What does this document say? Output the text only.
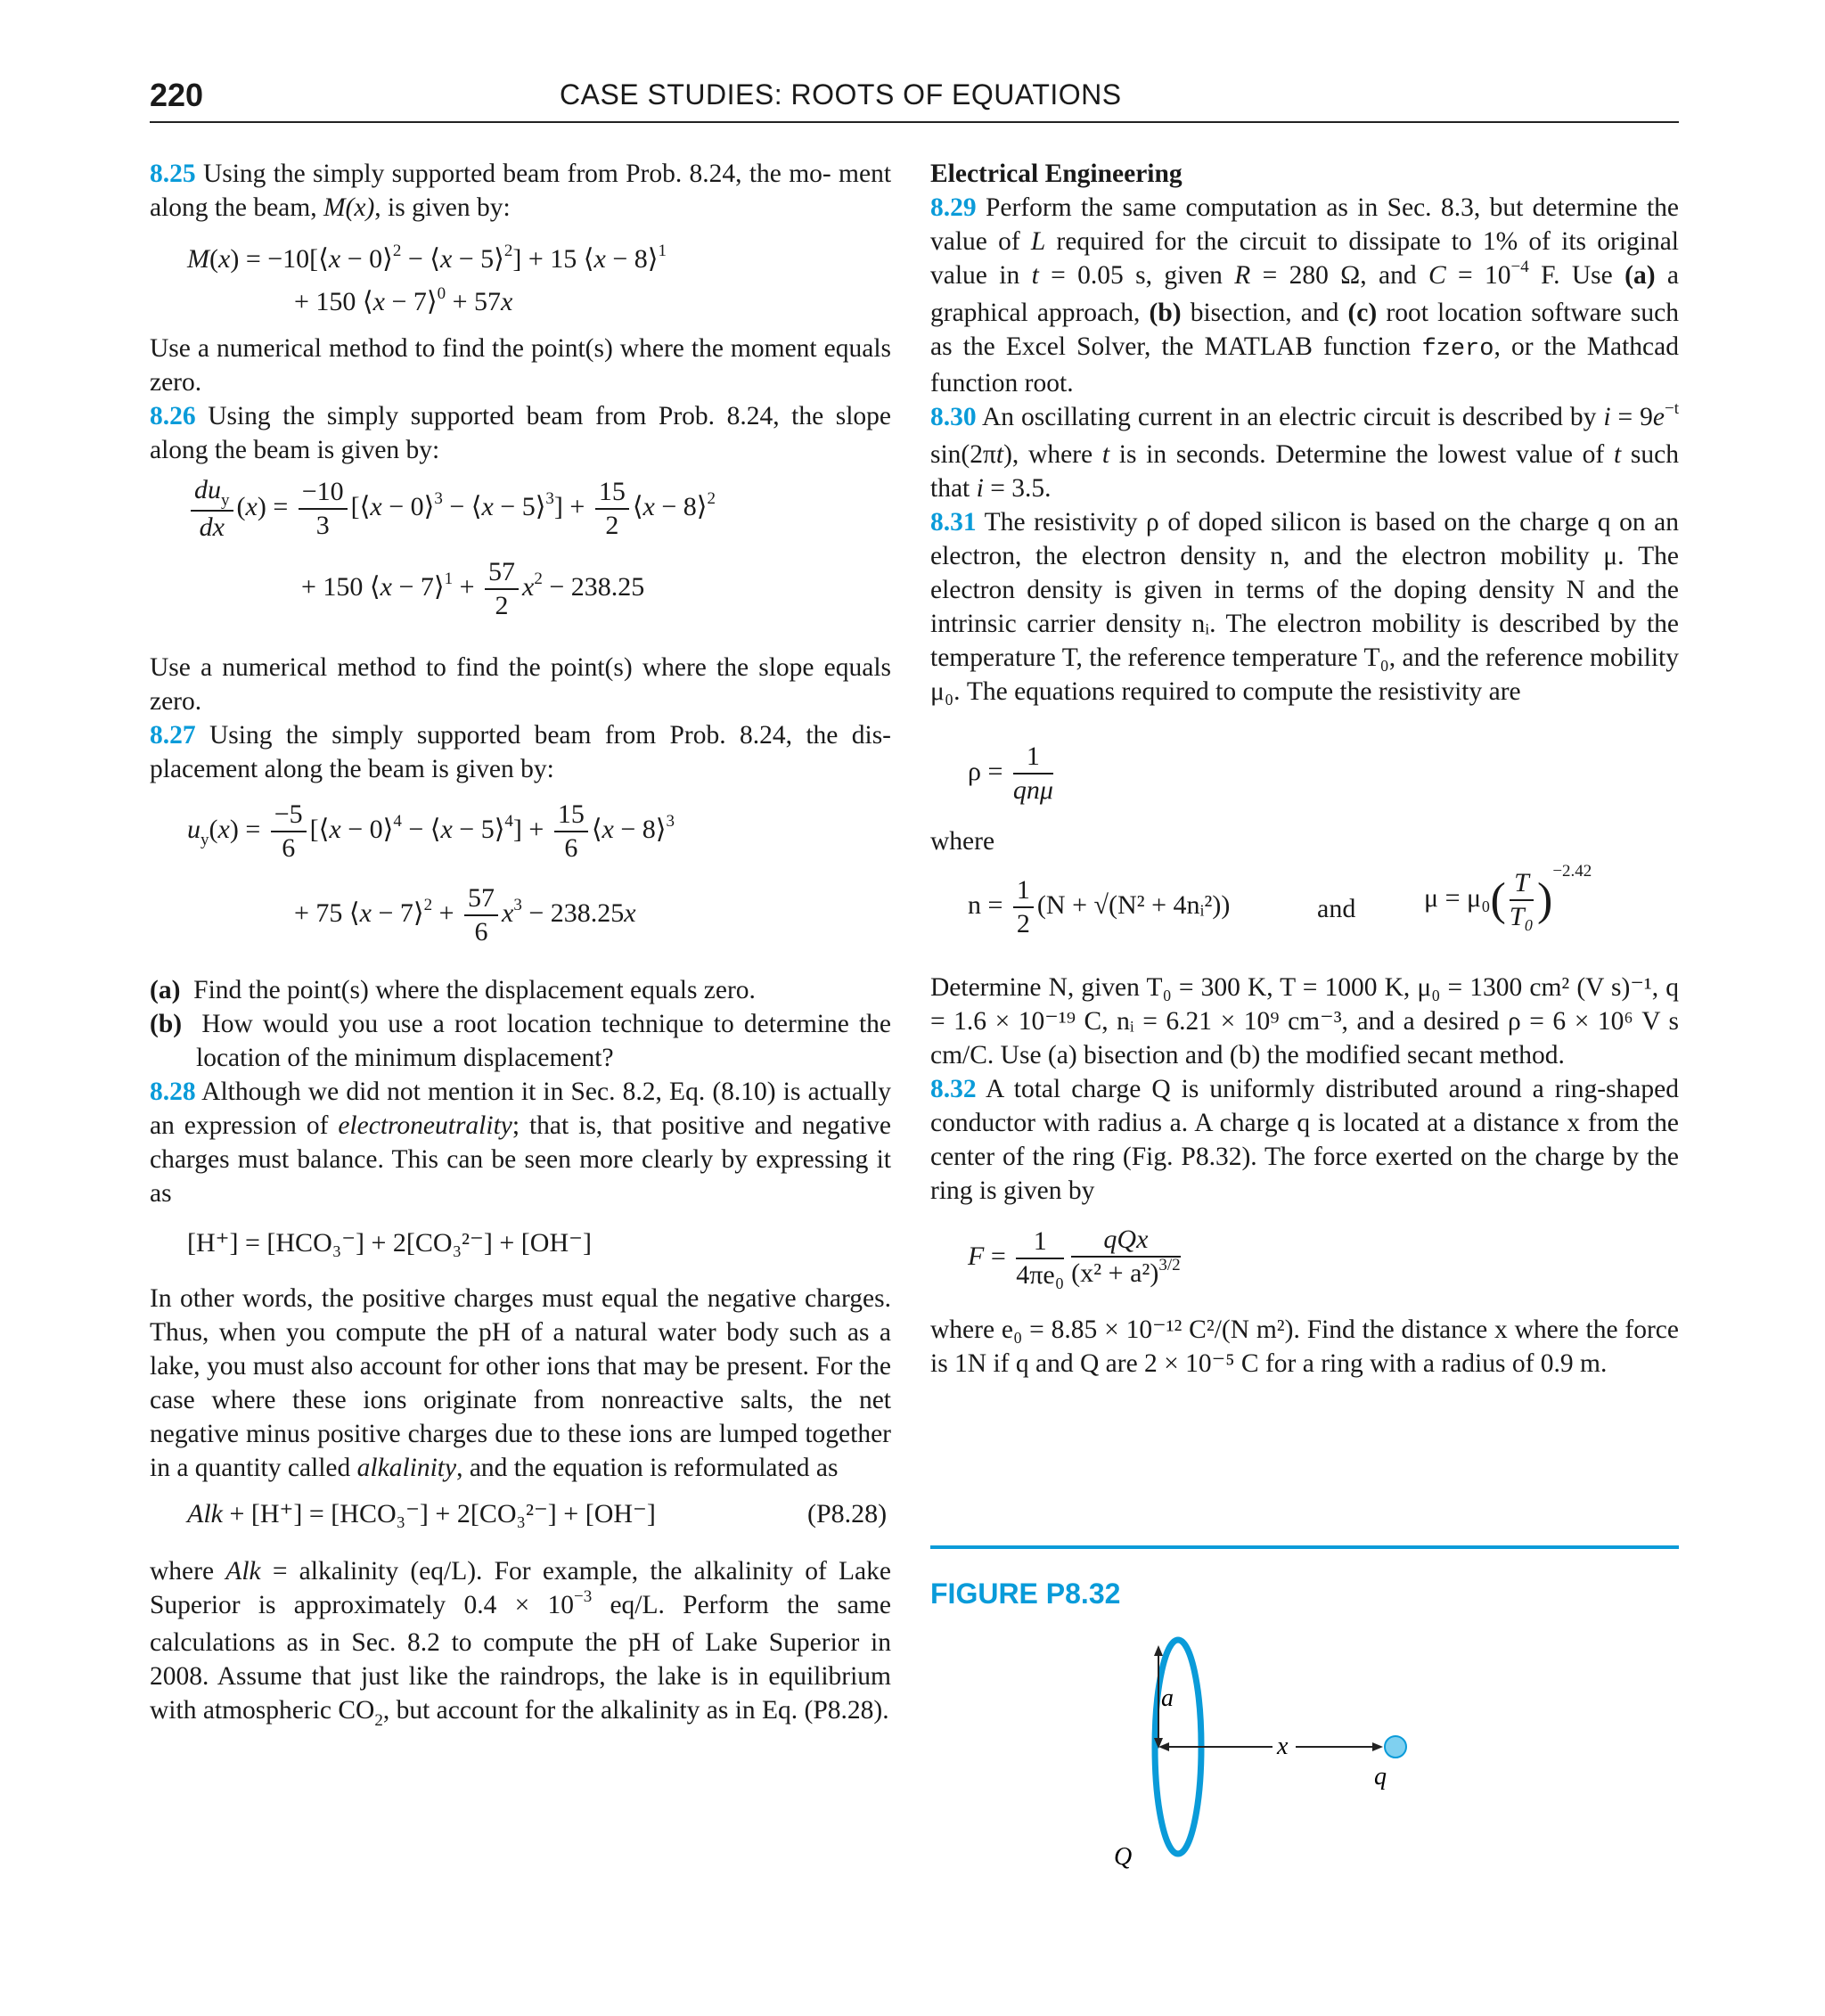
220	CASE STUDIES: ROOTS OF EQUATIONS

8.25 Using the simply supported beam from Prob. 8.24, the mo- ment along the beam, M(x), is given by:

M(x) = −10[⟨x − 0⟩$^2$ − ⟨x − 5⟩$^2$] + 15 ⟨x − 8⟩$^1$
+ 150 ⟨x − 7⟩$^0$ + 57x

Use a numerical method to find the point(s) where the moment equals zero.

8.26 Using the simply supported beam from Prob. 8.24, the slope along the beam is given by:

$\frac{du_y}{dx} (x) = \frac{-10}{3}$ [⟨x − 0⟩$^3$ − ⟨x − 5⟩$^3$] + $\frac{15}{2}$ ⟨x − 8⟩$^2$
+ 150 ⟨x − 7⟩$^1$ + $\frac{57}{2} x^2 - 238.25$

Use a numerical method to find the point(s) where the slope equals zero.

8.27 Using the simply supported beam from Prob. 8.24, the displacement along the beam is given by:

$u_y(x) = \frac{-5}{6}$ [⟨x − 0⟩$^4$ − ⟨x − 5⟩$^4$] + $\frac{15}{6}$ ⟨x − 8⟩$^3$
+ 75 ⟨x − 7⟩$^2$ + $\frac{57}{6} x^3 - 238.25x$

(a) Find the point(s) where the displacement equals zero.

(b) How would you use a root location technique to determine the location of the minimum displacement?

8.28 Although we did not mention it in Sec. 8.2, Eq. (8.10) is actually an expression of electroneutrality; that is, that positive and negative charges must balance. This can be seen more clearly by expressing it as

[H⁺] = [HCO₃⁻] + 2[CO₃²⁻] + [OH⁻]

In other words, the positive charges must equal the negative charges. Thus, when you compute the pH of a natural water body such as a lake, you must also account for other ions that may be present. For the case where these ions originate from nonreactive salts, the net negative minus positive charges due to these ions are lumped together in a quantity called alkalinity, and the equation is reformulated as

Alk + [H⁺] = [HCO₃⁻] + 2[CO₃²⁻] + [OH⁻]	(P8.28)

where Alk = alkalinity (eq/L). For example, the alkalinity of Lake Superior is approximately $0.4 \times 10^{-3}$ eq/L. Perform the same calculations as in Sec. 8.2 to compute the pH of Lake Superior in 2008. Assume that just like the raindrops, the lake is in equilibrium with atmospheric $CO_2$, but account for the alkalinity as in Eq. (P8.28).

Electrical Engineering

8.29 Perform the same computation as in Sec. 8.3, but determine the value of L required for the circuit to dissipate to 1% of its original value in t = 0.05 s, given R = 280 Ω, and $C = 10^{-4}$ F. Use (a) a graphical approach, (b) bisection, and (c) root location software such as the Excel Solver, the MATLAB function fzero, or the Mathcad function root.

8.30 An oscillating current in an electric circuit is described by $i = 9e^{-t}$ sin(2πt), where t is in seconds. Determine the lowest value of t such that i = 3.5.

8.31 The resistivity ρ of doped silicon is based on the charge q on an electron, the electron density n, and the electron mobility μ. The electron density is given in terms of the doping density N and the intrinsic carrier density nᵢ. The electron mobility is described by the temperature T, the reference temperature T₀, and the reference mobility μ₀. The equations required to compute the resistivity are

$\rho = \frac{1}{\text{qnμ}}$

where

$n = \frac{1}{2} (N + √(N^2$ + 4nᵢ²))	and	$\mu = \mu_0( \frac{T}{\text{T₀}} )^{-2.42}$

Determine N, given T₀ = 300 K, T = 1000 K, μ₀ = 1300 cm² (V s)⁻¹, q = 1.6 × 10⁻¹⁹ C, nᵢ = 6.21 × 10⁹ cm⁻³, and a desired ρ = 6 × 10⁶ V s cm/C. Use (a) bisection and (b) the modified secant method.

8.32 A total charge Q is uniformly distributed around a ring-shaped conductor with radius a. A charge q is located at a distance x from the center of the ring (Fig. P8.32). The force exerted on the charge by the ring is given by

$F = \frac{1}{\text{4πe₀}} \frac{\text{qQx}}{(x^2 + a^2)^{3/2}}$

where e₀ = 8.85 × 10⁻¹² C²/(N m²). Find the distance x where the force is 1N if q and Q are 2 × 10⁻⁵ C for a ring with a radius of 0.9 m.

FIGURE P8.32
a
x
q
Q
